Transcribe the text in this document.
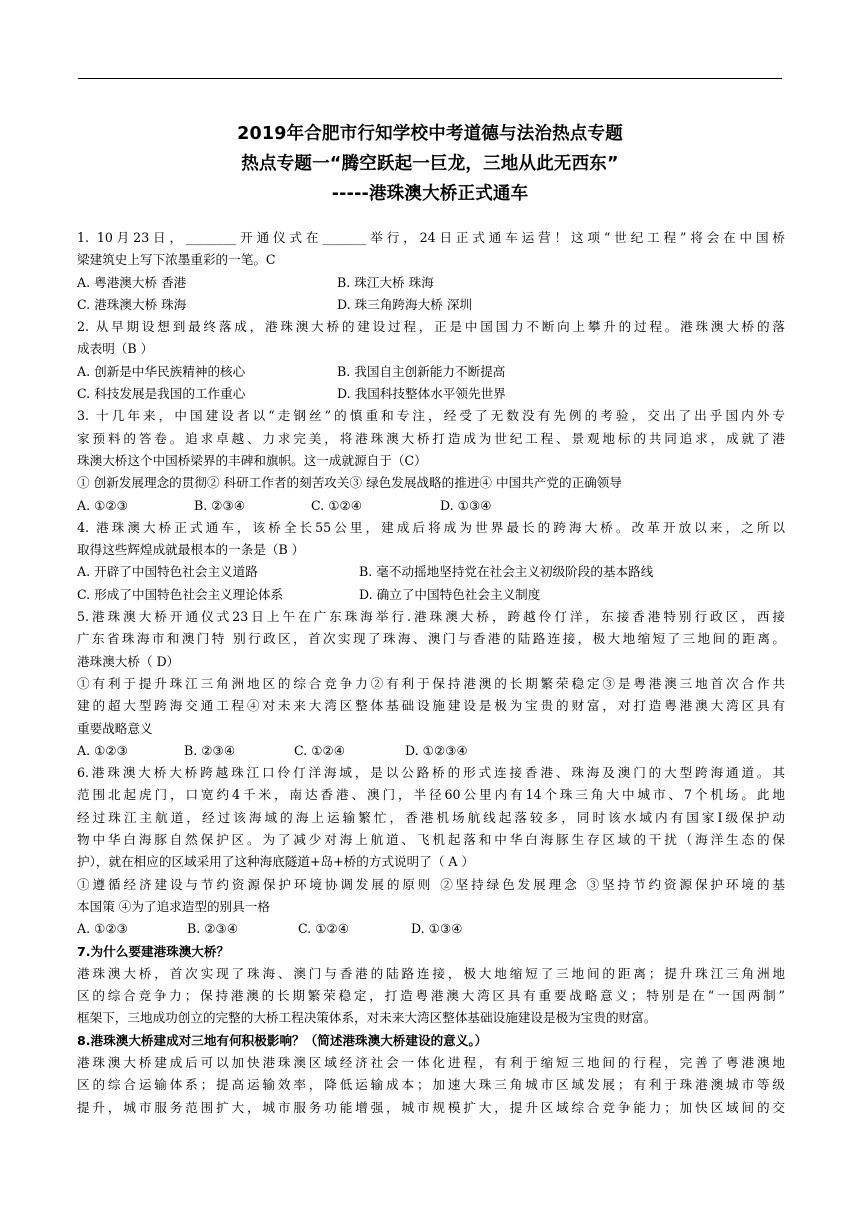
2019年合肥市行知学校中考道德与法治热点专题
热点专题一“腾空跃起一巨龙，三地从此无西东”
-----港珠澳大桥正式通车
1. 10月23日，________开通仪式在_______举行，24日正式通车运营！这项“世纪工程”将会在中国桥
梁建筑史上写下浓墨重彩的一笔。C
A. 粤港澳大桥 香港	B. 珠江大桥 珠海
C. 港珠澳大桥 珠海	D. 珠三角跨海大桥 深圳
2. 从早期设想到最终落成，港珠澳大桥的建设过程，正是中国国力不断向上攀升的过程。港珠澳大桥的落
成表明（B ）
A. 创新是中华民族精神的核心	B. 我国自主创新能力不断提高
C. 科技发展是我国的工作重心	D. 我国科技整体水平领先世界
3. 十几年来，中国建设者以“走钢丝”的慎重和专注，经受了无数没有先例的考验，交出了出乎国内外专
家预料的答卷。追求卓越、力求完美，将港珠澳大桥打造成为世纪工程、景观地标的共同追求，成就了港
珠澳大桥这个中国桥梁界的丰碑和旗帜。这一成就源自于（C）
① 创新发展理念的贯彻② 科研工作者的刻苦攻关③ 绿色发展战略的推进④ 中国共产党的正确领导
A. ①②③	B. ②③④	C. ①②④	D. ①③④
4. 港珠澳大桥正式通车，该桥全长55公里，建成后将成为世界最长的跨海大桥。改革开放以来，之所以
取得这些辉煌成就最根本的一条是（B ）
A. 开辟了中国特色社会主义道路	B. 毫不动摇地坚持党在社会主义初级阶段的基本路线
C. 形成了中国特色社会主义理论体系	D. 确立了中国特色社会主义制度
5.港珠澳大桥开通仪式23日上午在广东珠海举行.港珠澳大桥，跨越伶仃洋，东接香港特别行政区，西接
广东省珠海市和澳门特 别行政区，首次实现了珠海、澳门与香港的陆路连接，极大地缩短了三地间的距离。
港珠澳大桥（ D）
①有利于提升珠江三角洲地区的综合竞争力②有利于保持港澳的长期繁荣稳定③是粤港澳三地首次合作共
建的超大型跨海交通工程④对未来大湾区整体基础设施建设是极为宝贵的财富，对打造粤港澳大湾区具有
重要战略意义
A. ①②③	B. ②③④	C. ①②④	D. ①②③④
6.港珠澳大桥大桥跨越珠江口伶仃洋海域，是以公路桥的形式连接香港、珠海及澳门的大型跨海通道。其
范围北起虎门，口宽约4千米，南达香港、澳门，半径60公里内有14个珠三角大中城市、7个机场。此地
经过珠江主航道，经过该海域的海上运输繁忙，香港机场航线起落较多，同时该水域内有国家Ⅰ级保护动
物中华白海豚自然保护区。为了减少对海上航道、飞机起落和中华白海豚生存区域的干扰（海洋生态的保
护），就在相应的区域采用了这种海底隧道+岛+桥的方式说明了（ A ）
①遵循经济建设与节约资源保护环境协调发展的原则 ②坚持绿色发展理念 ③坚持节约资源保护环境的基
本国策 ④为了追求造型的别具一格
A. ①②③	B. ②③④	C. ①②④	D. ①③④
7.为什么要建港珠澳大桥？
港珠澳大桥，首次实现了珠海、澳门与香港的陆路连接，极大地缩短了三地间的距离；提升珠江三角洲地
区的综合竞争力；保持港澳的长期繁荣稳定，打造粤港澳大湾区具有重要战略意义；特别是在“一国两制”
框架下，三地成功创立的完整的大桥工程决策体系，对未来大湾区整体基础设施建设是极为宝贵的财富。
8.港珠澳大桥建成对三地有何积极影响？（简述港珠澳大桥建设的意义。）
港珠澳大桥建成后可以加快港珠澳区域经济社会一体化进程，有利于缩短三地间的行程，完善了粤港澳地
区的综合运输体系；提高运输效率，降低运输成本；加速大珠三角城市区域发展；有利于珠港澳城市等级
提升，城市服务范围扩大，城市服务功能增强，城市规模扩大，提升区域综合竞争能力；加快区域间的交
